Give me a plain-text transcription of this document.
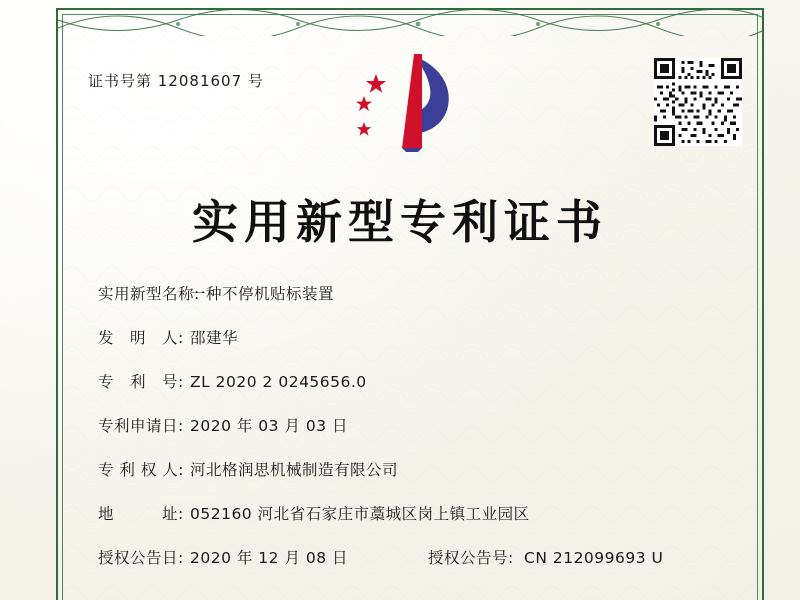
证书号第 12081607 号
实用新型专利证书
实用新型名称:
一种不停机贴标装置
发　明　人: 邵建华
专　利　号: ZL 2020 2 0245656.0
专利申请日: 2020 年 03 月 03 日
专 利 权 人: 河北格润思机械制造有限公司
地　　　址: 052160 河北省石家庄市藁城区岗上镇工业园区
授权公告日: 2020 年 12 月 08 日	授权公告号: CN 212099693 U
